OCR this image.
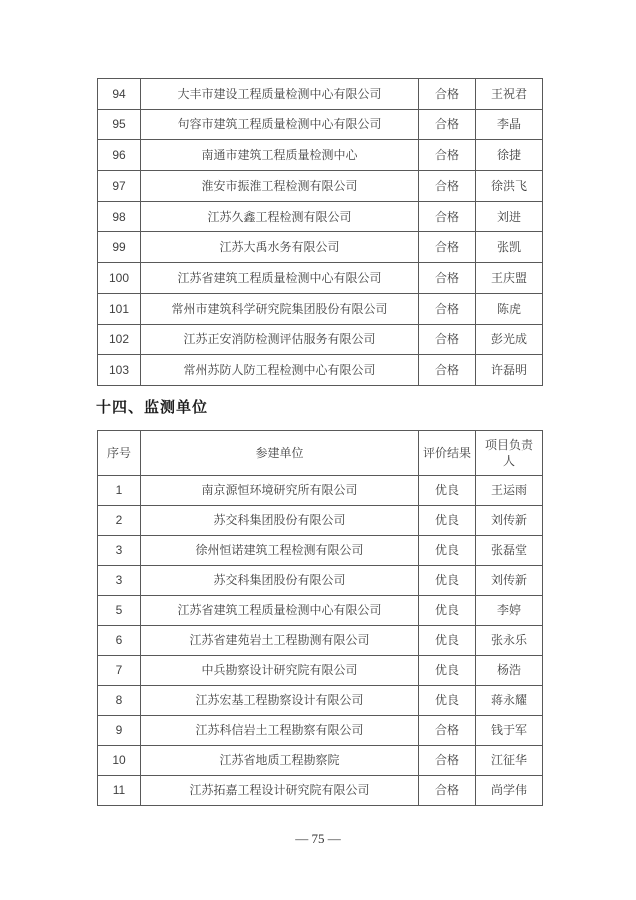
94	大丰市建设工程质量检测中心有限公司	合格	王祝君
95	句容市建筑工程质量检测中心有限公司	合格	李晶
96	南通市建筑工程质量检测中心	合格	徐捷
97	淮安市振淮工程检测有限公司	合格	徐洪飞
98	江苏久鑫工程检测有限公司	合格	刘进
99	江苏大禹水务有限公司	合格	张凯
100	江苏省建筑工程质量检测中心有限公司	合格	王庆盟
101	常州市建筑科学研究院集团股份有限公司	合格	陈虎
102	江苏正安消防检测评估服务有限公司	合格	彭光成
103	常州苏防人防工程检测中心有限公司	合格	许磊明
十四、监测单位
序号	参建单位	评价结果	项目负责人
1	南京源恒环境研究所有限公司	优良	王运雨
2	苏交科集团股份有限公司	优良	刘传新
3	徐州恒诺建筑工程检测有限公司	优良	张磊堂
3	苏交科集团股份有限公司	优良	刘传新
5	江苏省建筑工程质量检测中心有限公司	优良	李婷
6	江苏省建苑岩土工程勘测有限公司	优良	张永乐
7	中兵勘察设计研究院有限公司	优良	杨浩
8	江苏宏基工程勘察设计有限公司	优良	蒋永耀
9	江苏科信岩土工程勘察有限公司	合格	钱于军
10	江苏省地质工程勘察院	合格	江征华
11	江苏拓嘉工程设计研究院有限公司	合格	尚学伟
— 75 —
